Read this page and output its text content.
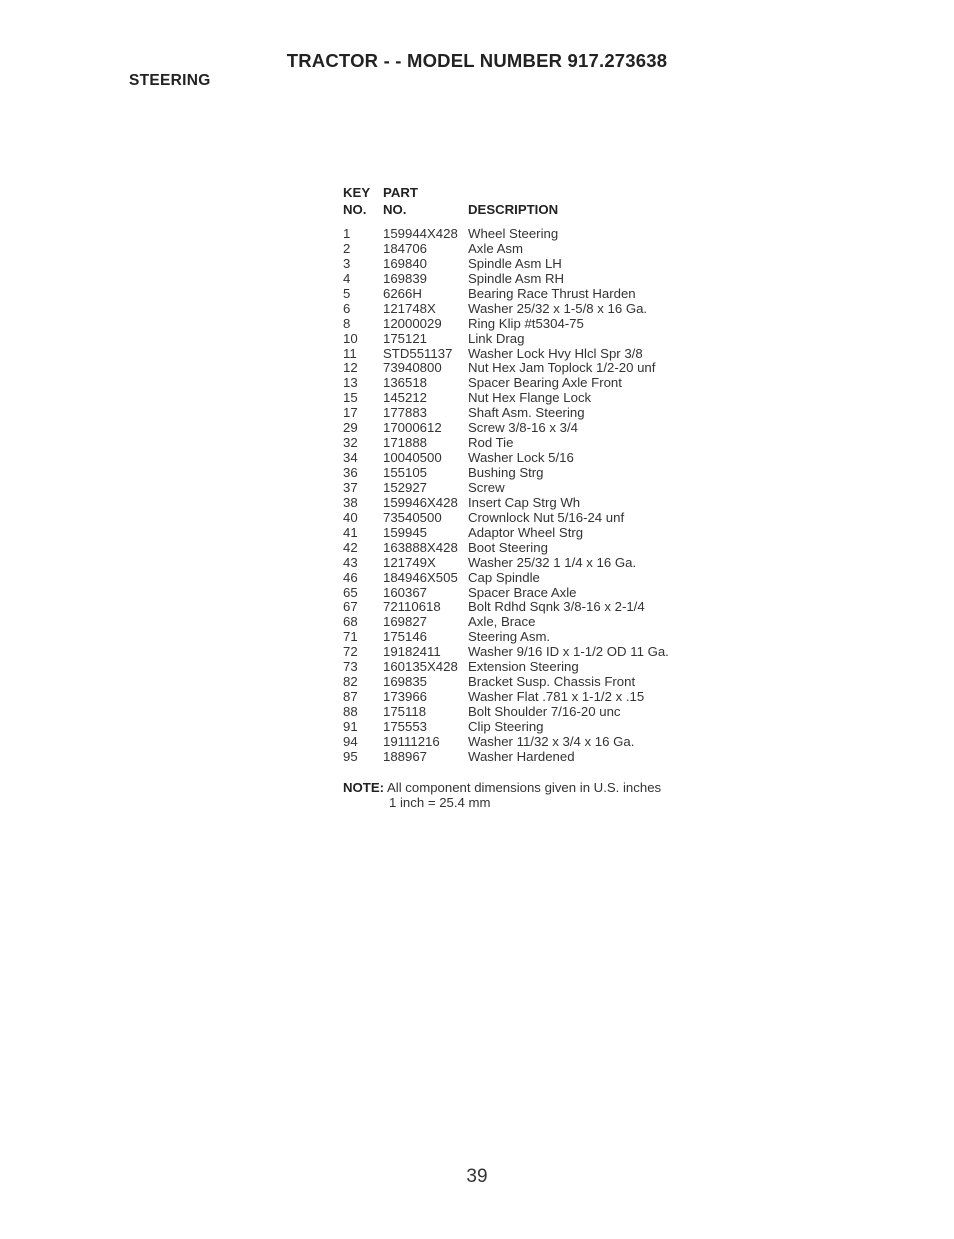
TRACTOR - - MODEL NUMBER 917.273638
STEERING
KEY PART
NO. NO.	DESCRIPTION
1 159944X428 Wheel Steering
2 184706	Axle Asm
3 169840	Spindle Asm LH
4 169839	Spindle Asm RH
5 6266H	Bearing Race Thrust Harden
6 121748X Washer 25/32 x 1-5/8 x 16 Ga.
8 12000029 Ring Klip #t5304-75
10 175121	Link Drag
11 STD551137 Washer Lock Hvy Hlcl Spr 3/8
12 73940800 Nut Hex Jam Toplock 1/2-20 unf
13 136518	Spacer Bearing Axle Front
15 145212	Nut Hex Flange Lock
17 177883	Shaft Asm. Steering
29 17000612 Screw 3/8-16 x 3/4
32 171888	Rod Tie
34 10040500 Washer Lock 5/16
36 155105	Bushing Strg
37 152927	Screw
38 159946X428 Insert Cap Strg Wh
40 73540500 Crownlock Nut 5/16-24 unf
41 159945	Adaptor Wheel Strg
42 163888X428 Boot Steering
43 121749X Washer 25/32 1 1/4 x 16 Ga.
46 184946X505 Cap Spindle
65 160367	Spacer Brace Axle
67 72110618 Bolt Rdhd Sqnk 3/8-16 x 2-1/4
68 169827	Axle, Brace
71 175146	Steering Asm.
72 19182411 Washer 9/16 ID x 1-1/2 OD 11 Ga.
73 160135X428 Extension Steering
82 169835	Bracket Susp. Chassis Front
87 173966	Washer Flat .781 x 1-1/2 x .15
88 175118	Bolt Shoulder 7/16-20 unc
91 175553	Clip Steering
94 19111216 Washer 11/32 x 3/4 x 16 Ga.
95 188967	Washer Hardened
NOTE: All component dimensions given in U.S. inches
1 inch = 25.4 mm
39
